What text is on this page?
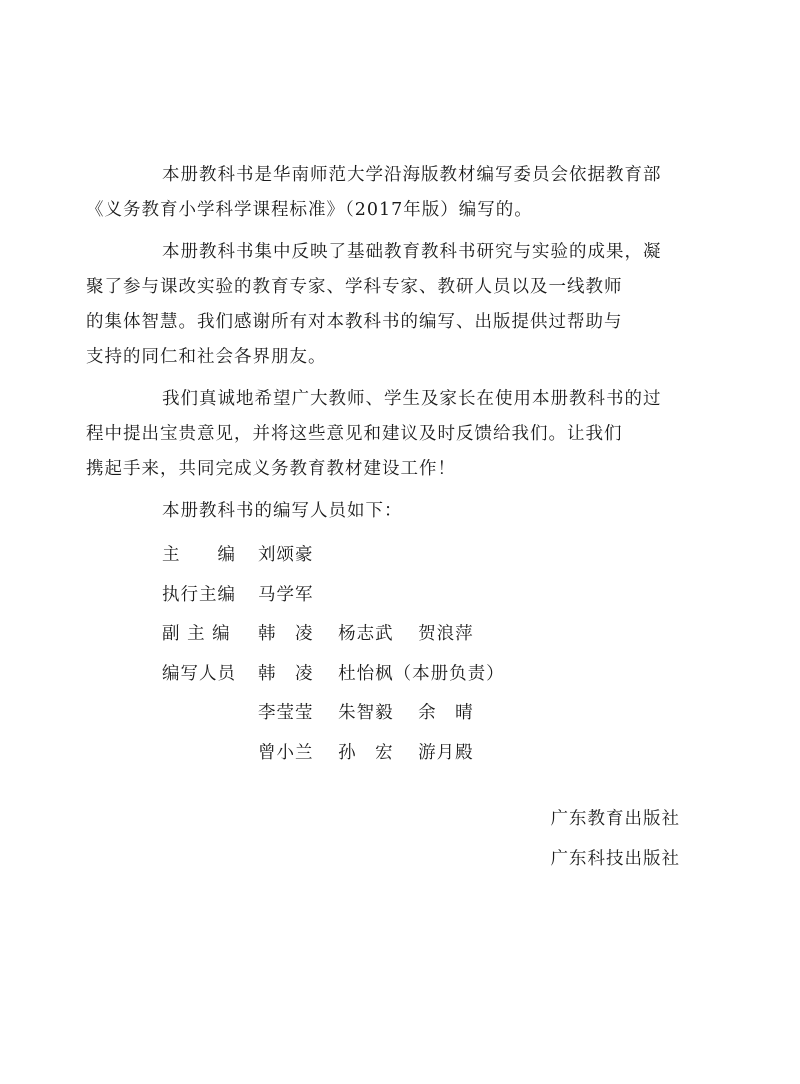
本册教科书是华南师范大学沿海版教材编写委员会依据教育部
《义务教育小学科学课程标准》（2017年版）编写的。

本册教科书集中反映了基础教育教科书研究与实验的成果，凝
聚了参与课改实验的教育专家、学科专家、教研人员以及一线教师
的集体智慧。我们感谢所有对本教科书的编写、出版提供过帮助与
支持的同仁和社会各界朋友。

我们真诚地希望广大教师、学生及家长在使用本册教科书的过
程中提出宝贵意见，并将这些意见和建议及时反馈给我们。让我们
携起手来，共同完成义务教育教材建设工作！

本册教科书的编写人员如下：

主　　编	刘颂豪
执行主编	马学军
副 主 编	韩　凌 杨志武 贺浪萍
编写人员	韩　凌 杜怡枫（本册负责）
李莹莹 朱智毅 余　晴
曾小兰 孙　宏 游月殿
广东教育出版社
广东科技出版社
